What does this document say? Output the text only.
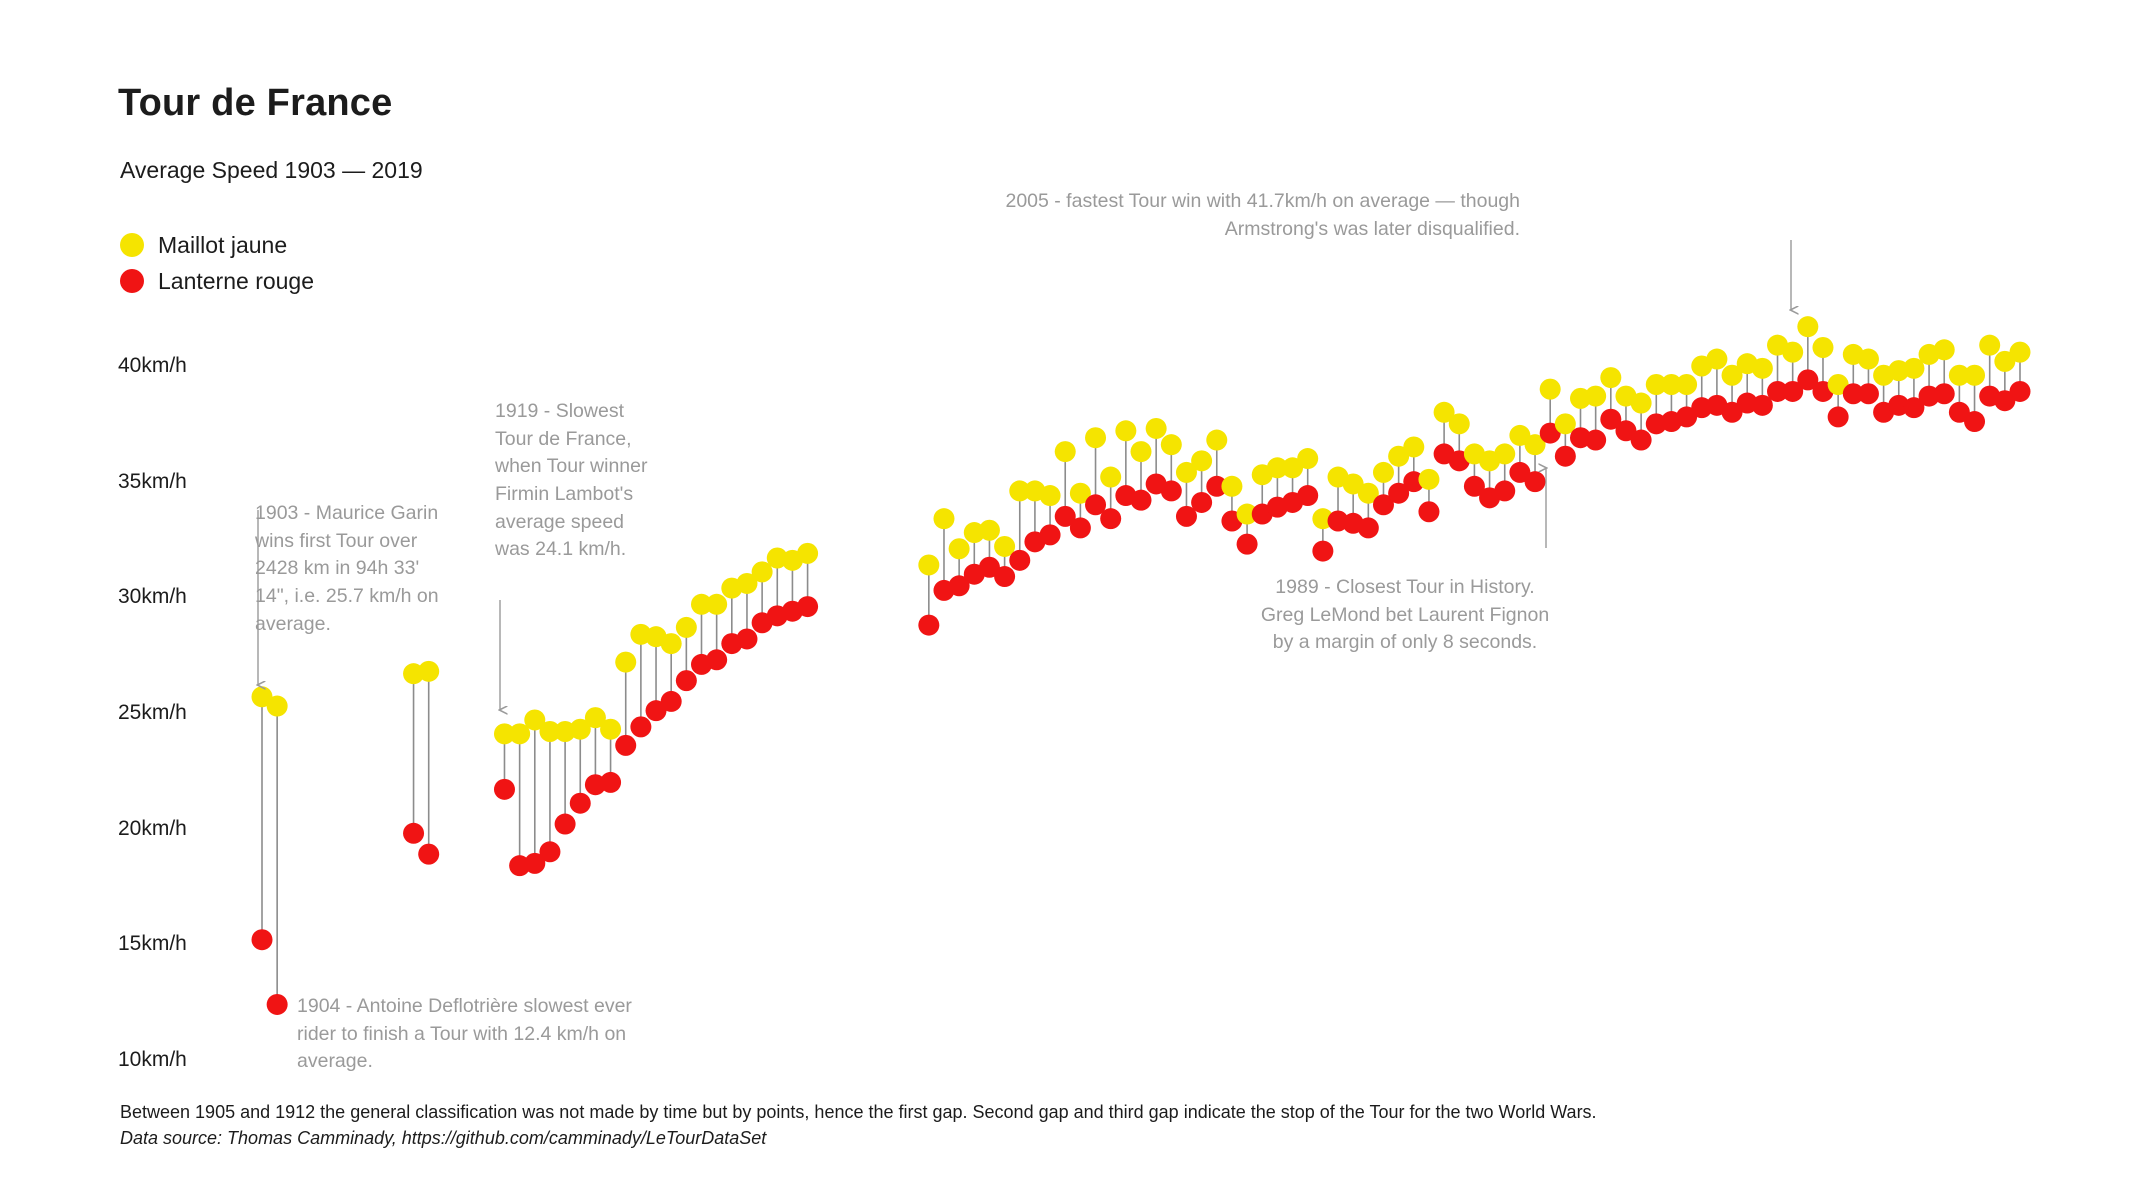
Tour de France
Average Speed 1903 — 2019
Maillot jaune
Lanterne rouge
10km/h
15km/h
20km/h
25km/h
30km/h
35km/h
40km/h
1903 - Maurice Garin wins first Tour over 2428 km in 94h 33' 14", i.e. 25.7 km/h on average.
1904 - Antoine Deflotrière slowest ever rider to finish a Tour with 12.4 km/h on average.
1919 - Slowest Tour de France, when Tour winner Firmin Lambot's average speed was 24.1 km/h.
1989 - Closest Tour in History. Greg LeMond bet Laurent Fignon by a margin of only 8 seconds.
2005 - fastest Tour win with 41.7km/h on average — though Armstrong's was later disqualified.
Between 1905 and 1912 the general classification was not made by time but by points, hence the first gap. Second gap and third gap indicate the stop of the Tour for the two World Wars.
Data source: Thomas Camminady, https://github.com/camminady/LeTourDataSet
